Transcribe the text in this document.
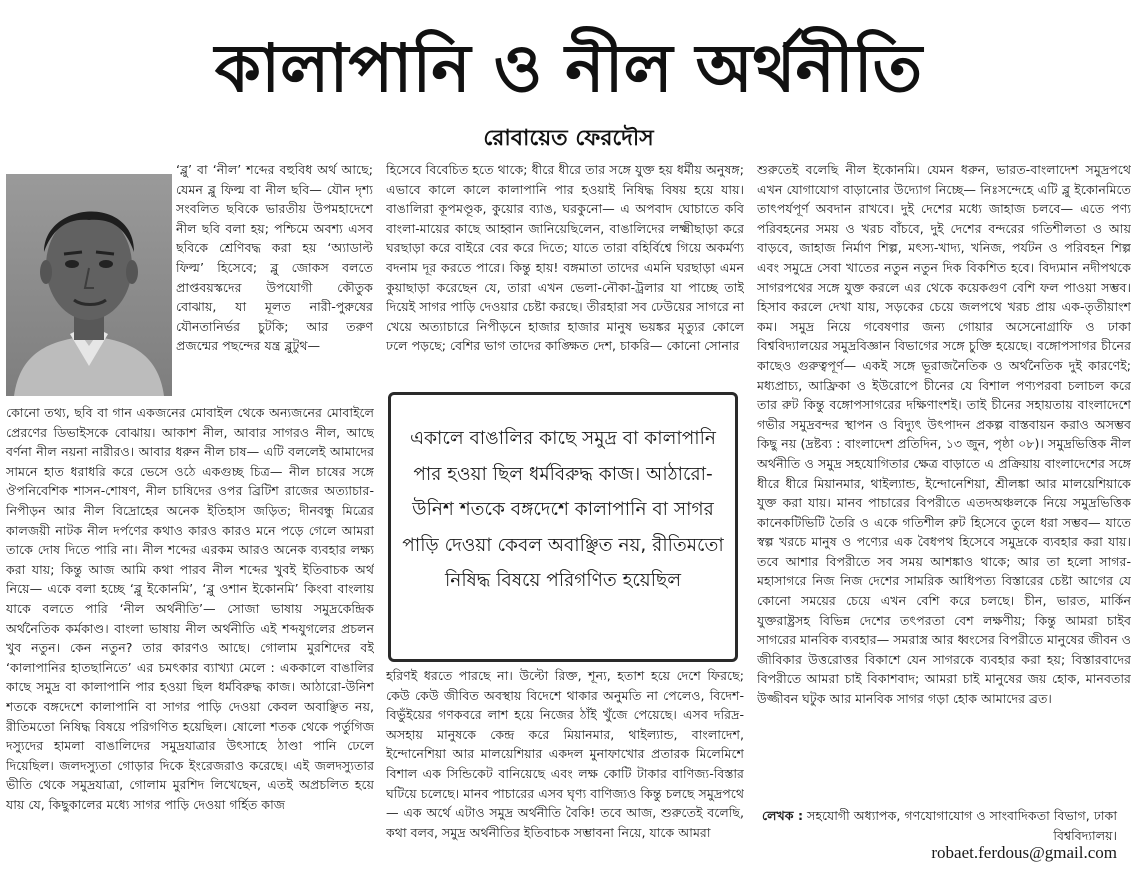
কালাপানি ও নীল অর্থনীতি
রোবায়েত ফেরদৌস

‘ব্লু’ বা ‘নীল’ শব্দের বহুবিধ অর্থ আছে; যেমন ব্লু ফিল্ম বা নীল ছবি— যৌন দৃশ্য সংবলিত ছবিকে ভারতীয় উপমহাদেশে নীল ছবি বলা হয়; পশ্চিমে অবশ্য এসব ছবিকে শ্রেণিবদ্ধ করা হয় ‘অ্যাডাল্ট ফিল্ম’ হিসেবে; ব্লু জোকস বলতে প্রাপ্তবয়স্কদের উপযোগী কৌতুক বোঝায়, যা মূলত নারী-পুরুষের যৌনতানির্ভর চুটকি; আর তরুণ প্রজন্মের পছন্দের যন্ত্র ব্লুটুথ—

কোনো তথ্য, ছবি বা গান একজনের মোবাইল থেকে অন্যজনের মোবাইলে প্রেরণের ডিভাইসকে বোঝায়। আকাশ নীল, আবার সাগরও নীল, আছে বর্ণনা নীল নয়না নারীরও। আবার ধরুন নীল চাষ— এটি বললেই আমাদের সামনে হাত ধরাধরি করে ভেসে ওঠে একগুচ্ছ চিত্র— নীল চাষের সঙ্গে ঔপনিবেশিক শাসন-শোষণ, নীল চাষিদের ওপর ব্রিটিশ রাজের অত্যাচার-নিপীড়ন আর নীল বিদ্রোহের অনেক ইতিহাস জড়িত; দীনবন্ধু মিত্রের কালজয়ী নাটক নীল দর্পণের কথাও কারও কারও মনে পড়ে গেলে আমরা তাকে দোষ দিতে পারি না। নীল শব্দের এরকম আরও অনেক ব্যবহার লক্ষ্য করা যায়; কিন্তু আজ আমি কথা পারব নীল শব্দের খুবই ইতিবাচক অর্থ নিয়ে— একে বলা হচ্ছে ‘ব্লু ইকোনমি’, ‘ব্লু ওশান ইকোনমি’ কিংবা বাংলায় যাকে বলতে পারি ‘নীল অর্থনীতি’— সোজা ভাষায় সমুদ্রকেন্দ্রিক অর্থনৈতিক কর্মকাণ্ড। বাংলা ভাষায় নীল অর্থনীতি এই শব্দযুগলের প্রচলন খুব নতুন। কেন নতুন? তার কারণও আছে। গোলাম মুরশিদের বই ‘কালাপানির হাতছানিতে’ এর চমৎকার ব্যাখ্যা মেলে : এককালে বাঙালির কাছে সমুদ্র বা কালাপানি পার হওয়া ছিল ধর্মবিরুদ্ধ কাজ। আঠারো-উনিশ শতকে বঙ্গদেশে কালাপানি বা সাগর পাড়ি দেওয়া কেবল অবাঞ্ছিত নয়, রীতিমতো নিষিদ্ধ বিষয়ে পরিগণিত হয়েছিল। ষোলো শতক থেকে পর্তুগিজ দস্যুদের হামলা বাঙালিদের সমুদ্রযাত্রার উৎসাহে ঠাণ্ডা পানি ঢেলে দিয়েছিল। জলদস্যুতা গোড়ার দিকে ইংরেজরাও করেছে। এই জলদস্যুতার ভীতি থেকে সমুদ্রযাত্রা, গোলাম মুরশিদ লিখেছেন, এতই অপ্রচলিত হয়ে যায় যে, কিছুকালের মধ্যে সাগর পাড়ি দেওয়া গর্হিত কাজ

হিসেবে বিবেচিত হতে থাকে; ধীরে ধীরে তার সঙ্গে যুক্ত হয় ধর্মীয় অনুষঙ্গ; এভাবে কালে কালে কালাপানি পার হওয়াই নিষিদ্ধ বিষয় হয়ে যায়। বাঙালিরা কূপমণ্ডূক, কুয়োর ব্যাঙ, ঘরকুনো— এ অপবাদ ঘোচাতে কবি বাংলা-মায়ের কাছে আহ্বান জানিয়েছিলেন, বাঙালিদের লক্ষ্মীছাড়া করে ঘরছাড়া করে বাইরে বের করে দিতে; যাতে তারা বহির্বিশ্বে গিয়ে অকর্মণ্য বদনাম দূর করতে পারে। কিন্তু হায়! বঙ্গমাতা তাদের এমনি ঘরছাড়া এমন কুয়াছাড়া করেছেন যে, তারা এখন ভেলা-নৌকা-ট্রলার যা পাচ্ছে তাই দিয়েই সাগর পাড়ি দেওয়ার চেষ্টা করছে। তীরহারা সব ঢেউয়ের সাগরে না খেয়ে অত্যাচারে নিপীড়নে হাজার হাজার মানুষ ভয়ঙ্কর মৃত্যুর কোলে ঢলে পড়ছে; বেশির ভাগ তাদের কাঙ্ক্ষিত দেশ, চাকরি— কোনো সোনার

একালে বাঙালির কাছে সমুদ্র বা কালাপানি পার হওয়া ছিল ধর্মবিরুদ্ধ কাজ। আঠারো-উনিশ শতকে বঙ্গদেশে কালাপানি বা সাগর পাড়ি দেওয়া কেবল অবাঞ্ছিত নয়, রীতিমতো নিষিদ্ধ বিষয়ে পরিগণিত হয়েছিল

হরিণই ধরতে পারছে না। উল্টো রিক্ত, শূন্য, হতাশ হয়ে দেশে ফিরছে; কেউ কেউ জীবিত অবস্থায় বিদেশে থাকার অনুমতি না পেলেও, বিদেশ-বিভুঁইয়ের গণকবরে লাশ হয়ে নিজের ঠাঁই খুঁজে পেয়েছে। এসব দরিদ্র-অসহায় মানুষকে কেন্দ্র করে মিয়ানমার, থাইল্যান্ড, বাংলাদেশ, ইন্দোনেশিয়া আর মালয়েশিয়ার একদল মুনাফাখোর প্রতারক মিলেমিশে বিশাল এক সিন্ডিকেট বানিয়েছে এবং লক্ষ কোটি টাকার বাণিজ্য-বিস্তার ঘটিয়ে চলেছে। মানব পাচারের এসব ঘৃণ্য বাণিজ্যও কিন্তু চলছে সমুদ্রপথে— এক অর্থে এটাও সমুদ্র অর্থনীতি বৈকি! তবে আজ, শুরুতেই বলেছি, কথা বলব, সমুদ্র অর্থনীতির ইতিবাচক সম্ভাবনা নিয়ে, যাকে আমরা

শুরুতেই বলেছি নীল ইকোনমি। যেমন ধরুন, ভারত-বাংলাদেশ সমুদ্রপথে এখন যোগাযোগ বাড়ানোর উদ্যোগ নিচ্ছে— নিঃসন্দেহে এটি ব্লু ইকোনমিতে তাৎপর্যপূর্ণ অবদান রাখবে। দুই দেশের মধ্যে জাহাজ চলবে— এতে পণ্য পরিবহনের সময় ও খরচ বাঁচবে, দুই দেশের বন্দরের গতিশীলতা ও আয় বাড়বে, জাহাজ নির্মাণ শিল্প, মৎস্য-খাদ্য, খনিজ, পর্যটন ও পরিবহন শিল্প এবং সমুদ্রে সেবা খাতের নতুন নতুন দিক বিকশিত হবে। বিদ্যমান নদীপথকে সাগরপথের সঙ্গে যুক্ত করলে এর থেকে কয়েকগুণ বেশি ফল পাওয়া সম্ভব। হিসাব করলে দেখা যায়, সড়কের চেয়ে জলপথে খরচ প্রায় এক-তৃতীয়াংশ কম। সমুদ্র নিয়ে গবেষণার জন্য গোয়ার অসেনোগ্রাফি ও ঢাকা বিশ্ববিদ্যালয়ের সমুদ্রবিজ্ঞান বিভাগের সঙ্গে চুক্তি হয়েছে। বঙ্গোপসাগর চীনের কাছেও গুরুত্বপূর্ণ— একই সঙ্গে ভূরাজনৈতিক ও অর্থনৈতিক দুই কারণেই; মধ্যপ্রাচ্য, আফ্রিকা ও ইউরোপে চীনের যে বিশাল পণ্যপরবা চলাচল করে তার রুট কিন্তু বঙ্গোপসাগরের দক্ষিণাংশই। তাই চীনের সহায়তায় বাংলাদেশে গভীর সমুদ্রবন্দর স্থাপন ও বিদ্যুৎ উৎপাদন প্রকল্প বাস্তবায়ন করাও অসম্ভব কিছু নয় (দ্রষ্টব্য : বাংলাদেশ প্রতিদিন, ১৩ জুন, পৃষ্ঠা ০৮)। সমুদ্রভিত্তিক নীল অর্থনীতি ও সমুদ্র সহযোগিতার ক্ষেত্র বাড়াতে এ প্রক্রিয়ায় বাংলাদেশের সঙ্গে ধীরে ধীরে মিয়ানমার, থাইল্যান্ড, ইন্দোনেশিয়া, শ্রীলঙ্কা আর মালয়েশিয়াকে যুক্ত করা যায়। মানব পাচারের বিপরীতে এতদঅঞ্চলকে নিয়ে সমুদ্রভিত্তিক কানেকটিভিটি তৈরি ও একে গতিশীল রুট হিসেবে তুলে ধরা সম্ভব— যাতে স্বল্প খরচে মানুষ ও পণ্যের এক বৈধপথ হিসেবে সমুদ্রকে ব্যবহার করা যায়। তবে আশার বিপরীতে সব সময় আশঙ্কাও থাকে; আর তা হলো সাগর-মহাসাগরে নিজ নিজ দেশের সামরিক আধিপত্য বিস্তারের চেষ্টা আগের যে কোনো সময়ের চেয়ে এখন বেশি করে চলছে। চীন, ভারত, মার্কিন যুক্তরাষ্ট্রসহ বিভিন্ন দেশের তৎপরতা বেশ লক্ষণীয়; কিন্তু আমরা চাইব সাগরের মানবিক ব্যবহার— সমরাস্ত্র আর ধ্বংসের বিপরীতে মানুষের জীবন ও জীবিকার উত্তরোত্তর বিকাশে যেন সাগরকে ব্যবহার করা হয়; বিস্তারবাদের বিপরীতে আমরা চাই বিকাশবাদ; আমরা চাই মানুষের জয় হোক, মানবতার উজ্জীবন ঘটুক আর মানবিক সাগর গড়া হোক আমাদের ব্রত।

লেখক : সহযোগী অধ্যাপক, গণযোগাযোগ ও সাংবাদিকতা বিভাগ, ঢাকা বিশ্ববিদ্যালয়।
robaet.ferdous@gmail.com
